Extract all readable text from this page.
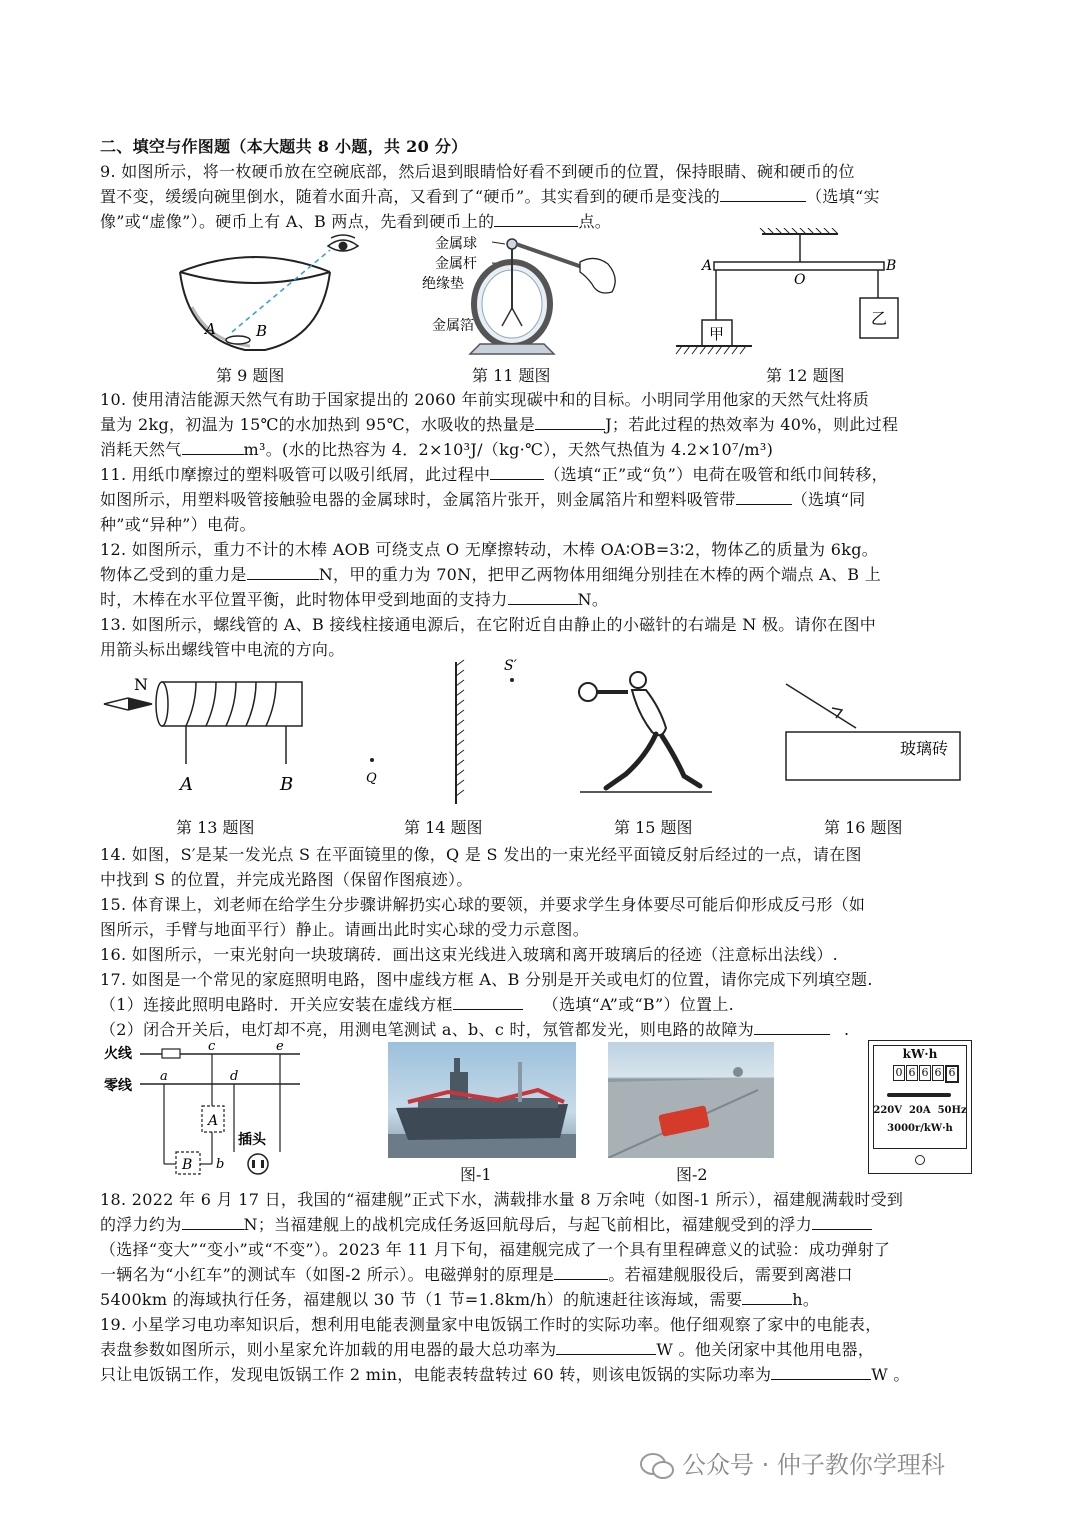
二、填空与作图题（本大题共 8 小题，共 20 分）
9. 如图所示，将一枚硬币放在空碗底部，然后退到眼睛恰好看不到硬币的位置，保持眼睛、碗和硬币的位
置不变，缓缓向碗里倒水，随着水面升高，又看到了“硬币”。其实看到的硬币是变浅的	（选填“实
像”或“虚像”）。硬币上有 A、B 两点，先看到硬币上的	点。
A	B
第 9 题图
金属球
金属杆
绝缘垫
金属箔
第 11 题图
A
O
B
甲
乙
第 12 题图
10. 使用清洁能源天然气有助于国家提出的 2060 年前实现碳中和的目标。小明同学用他家的天然气灶将质
量为 2kg，初温为 15℃的水加热到 95℃，水吸收的热量是	J；若此过程的热效率为 40%，则此过程
消耗天然气	m³。(水的比热容为 4．2×10³J/（kg·℃），天然气热值为 4.2×10⁷/m³)
11. 用纸巾摩擦过的塑料吸管可以吸引纸屑，此过程中	（选填“正”或“负”）电荷在吸管和纸巾间转移，
如图所示，用塑料吸管接触验电器的金属球时，金属箔片张开，则金属箔片和塑料吸管带	（选填“同
种”或“异种”）电荷。
12. 如图所示，重力不计的木棒 AOB 可绕支点 O 无摩擦转动，木棒 OA∶OB=3∶2，物体乙的质量为 6kg。
物体乙受到的重力是	N，甲的重力为 70N，把甲乙两物体用细绳分别挂在木棒的两个端点 A、B 上
时，木棒在水平位置平衡，此时物体甲受到地面的支持力	N。
13. 如图所示，螺线管的 A、B 接线柱接通电源后，在它附近自由静止的小磁针的右端是 N 极。请你在图中
用箭头标出螺线管中电流的方向。
N
A	B
第 13 题图
S′
Q
第 14 题图	第 15 题图
玻璃砖
第 16 题图
14. 如图，S′是某一发光点 S 在平面镜里的像，Q 是 S 发出的一束光经平面镜反射后经过的一点，请在图
中找到 S 的位置，并完成光路图（保留作图痕迹）。
15. 体育课上，刘老师在给学生分步骤讲解扔实心球的要领，并要求学生身体要尽可能后仰形成反弓形（如
图所示，手臂与地面平行）静止。请画出此时实心球的受力示意图。
16. 如图所示，一束光射向一块玻璃砖．画出这束光线进入玻璃和离开玻璃后的径迹（注意标出法线）.
17. 如图是一个常见的家庭照明电路，图中虚线方框 A、B 分别是开关或电灯的位置，请你完成下列填空题.
（1）连接此照明电路时．开关应安装在虚线方框	（选填“A”或“B”）位置上.
（2）闭合开关后，电灯却不亮，用测电笔测试 a、b、c 时，氖管都发光，则电路的故障为	.
火线
零线
c	e
a	d
A
b
B
插头
图-1	图-2
kW·h
0 6 6 6 6
220V  20A  50Hz
3000r/kW·h
18. 2022 年 6 月 17 日，我国的“福建舰”正式下水，满载排水量 8 万余吨（如图-1 所示），福建舰满载时受到
的浮力约为	N；当福建舰上的战机完成任务返回航母后，与起飞前相比，福建舰受到的浮力
（选择“变大”“变小”或“不变”）。2023 年 11 月下旬，福建舰完成了一个具有里程碑意义的试验：成功弹射了
一辆名为“小红车”的测试车（如图-2 所示）。电磁弹射的原理是	。若福建舰服役后，需要到离港口
5400km 的海域执行任务，福建舰以 30 节（1 节=1.8km/h）的航速赶往该海域，需要	h。
19. 小星学习电功率知识后，想利用电能表测量家中电饭锅工作时的实际功率。他仔细观察了家中的电能表，
表盘参数如图所示，则小星家允许加载的用电器的最大总功率为	W 。他关闭家中其他用电器，
只让电饭锅工作，发现电饭锅工作 2 min，电能表转盘转过 60 转，则该电饭锅的实际功率为	W 。
公众号 · 仲子教你学理科
